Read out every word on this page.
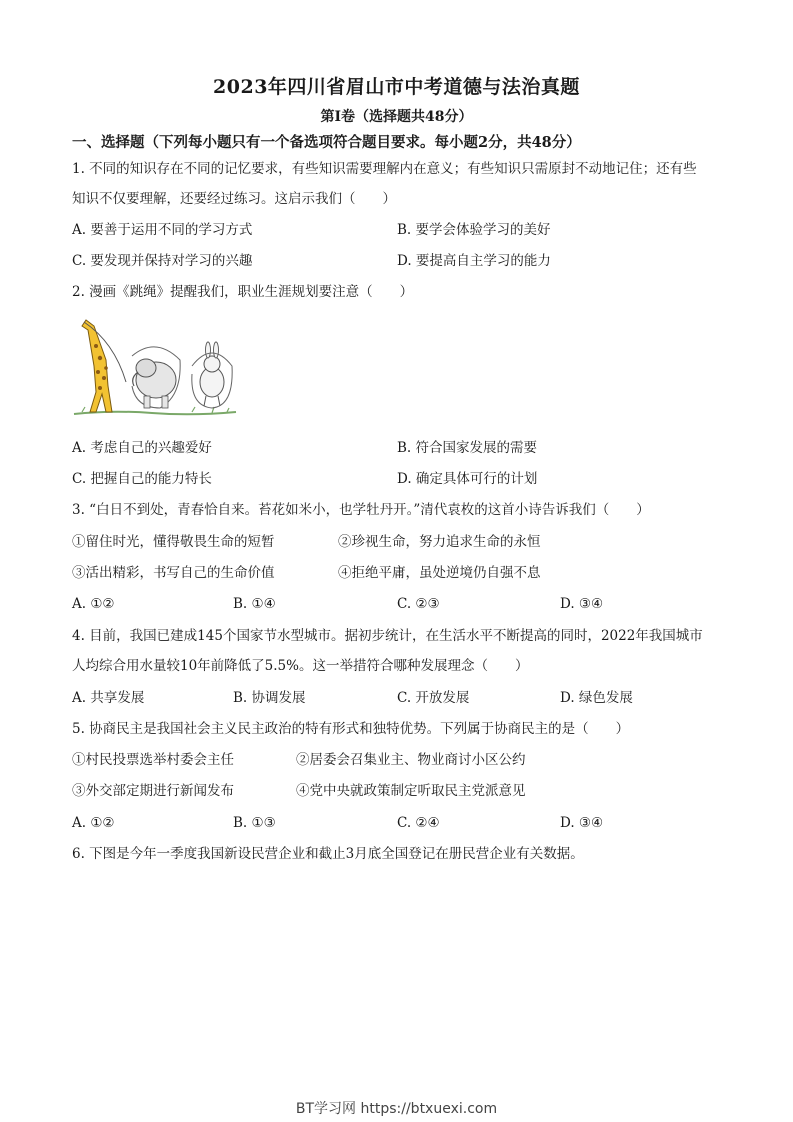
2023年四川省眉山市中考道德与法治真题
第I卷（选择题共48分）
一、选择题（下列每小题只有一个备选项符合题目要求。每小题2分，共48分）
1. 不同的知识存在不同的记忆要求，有些知识需要理解内在意义；有些知识只需原封不动地记住；还有些
知识不仅要理解，还要经过练习。这启示我们（　　）
A. 要善于运用不同的学习方式	B. 要学会体验学习的美好
C. 要发现并保持对学习的兴趣	D. 要提高自主学习的能力
2. 漫画《跳绳》提醒我们，职业生涯规划要注意（　　）
A. 考虑自己的兴趣爱好	B. 符合国家发展的需要
C. 把握自己的能力特长	D. 确定具体可行的计划
3. “白日不到处，青春恰自来。苔花如米小，也学牡丹开。”清代袁枚的这首小诗告诉我们（　　）
①留住时光，懂得敬畏生命的短暂	②珍视生命，努力追求生命的永恒
③活出精彩，书写自己的生命价值	④拒绝平庸，虽处逆境仍自强不息
A. ①②	B. ①④	C. ②③	D. ③④
4. 目前，我国已建成145个国家节水型城市。据初步统计，在生活水平不断提高的同时，2022年我国城市
人均综合用水量较10年前降低了5.5%。这一举措符合哪种发展理念（　　）
A. 共享发展	B. 协调发展	C. 开放发展	D. 绿色发展
5. 协商民主是我国社会主义民主政治的特有形式和独特优势。下列属于协商民主的是（　　）
①村民投票选举村委会主任	②居委会召集业主、物业商讨小区公约
③外交部定期进行新闻发布	④党中央就政策制定听取民主党派意见
A. ①②	B. ①③	C. ②④	D. ③④
6. 下图是今年一季度我国新设民营企业和截止3月底全国登记在册民营企业有关数据。
BT学习网 https://btxuexi.com
